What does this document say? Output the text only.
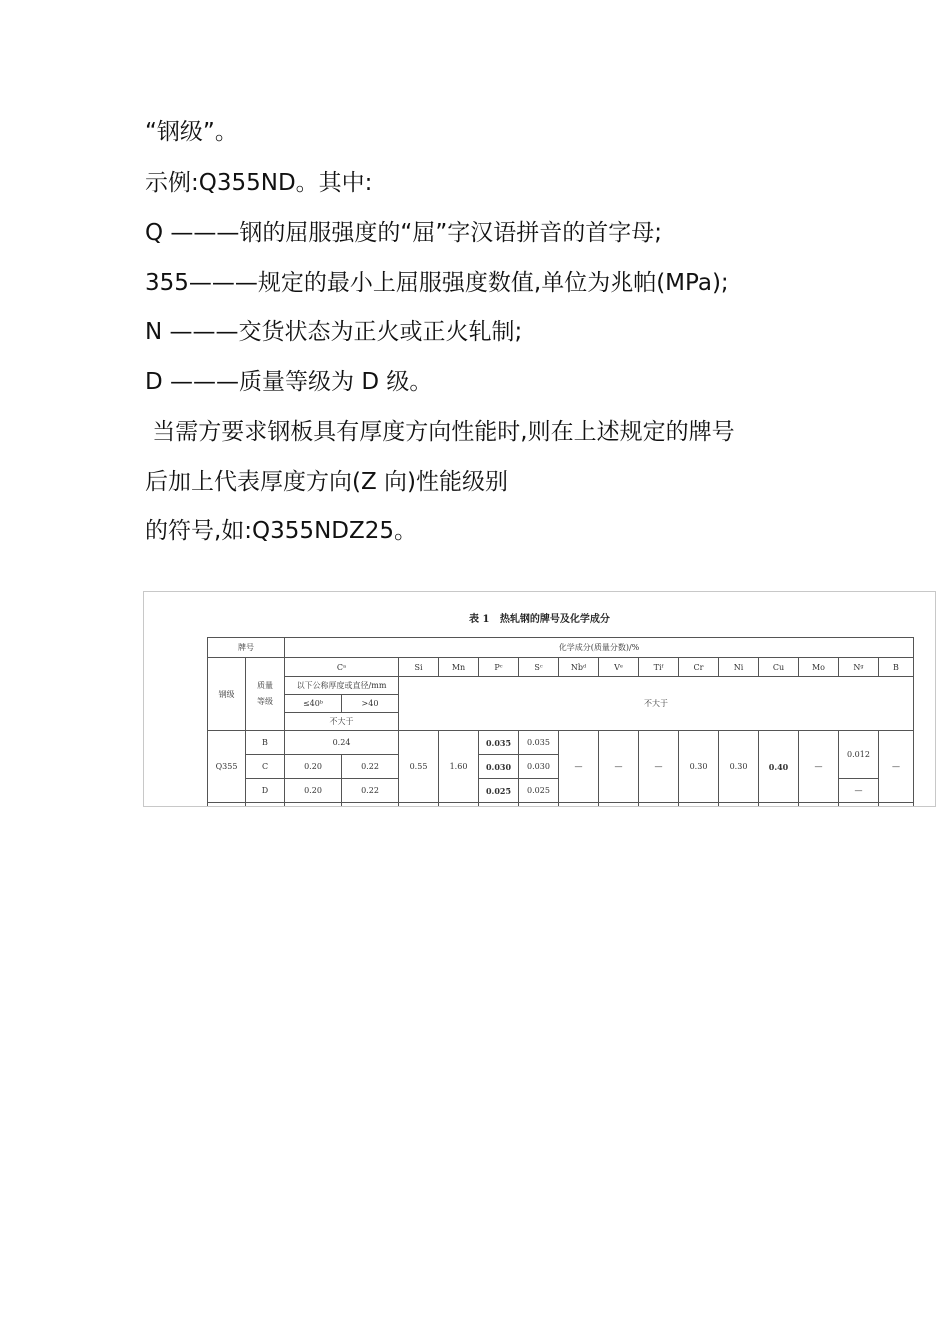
“钢级”。
示例:Q355ND。其中:
Q ———钢的屈服强度的“屈”字汉语拼音的首字母;
355———规定的最小上屈服强度数值,单位为兆帕(MPa);
N ———交货状态为正火或正火轧制;
D ———质量等级为 D 级。
当需方要求钢板具有厚度方向性能时,则在上述规定的牌号
后加上代表厚度方向(Z 向)性能级别
的符号,如:Q355NDZ25。
表 1   热轧钢的牌号及化学成分
牌号		化学成分(质量分数)/%														
钢级	质量等级	Cᵃ		Si	Mn	Pᶜ	Sᶜ	Nbᵈ	Vᵉ	Tiᶠ	Cr	Ni	Cu	Mo	Nᵍ	B
		以下公称厚度或直径/mm		不大于												
		≤40ᵇ	>40													
		不大于														
Q355	B	0.24		0.55	1.60	0.035	0.035	—	—	—	0.30	0.30	0.40	—	0.012	—
	C	0.20	0.22			0.030	0.030									
	D	0.20	0.22			0.025	0.025								—	
